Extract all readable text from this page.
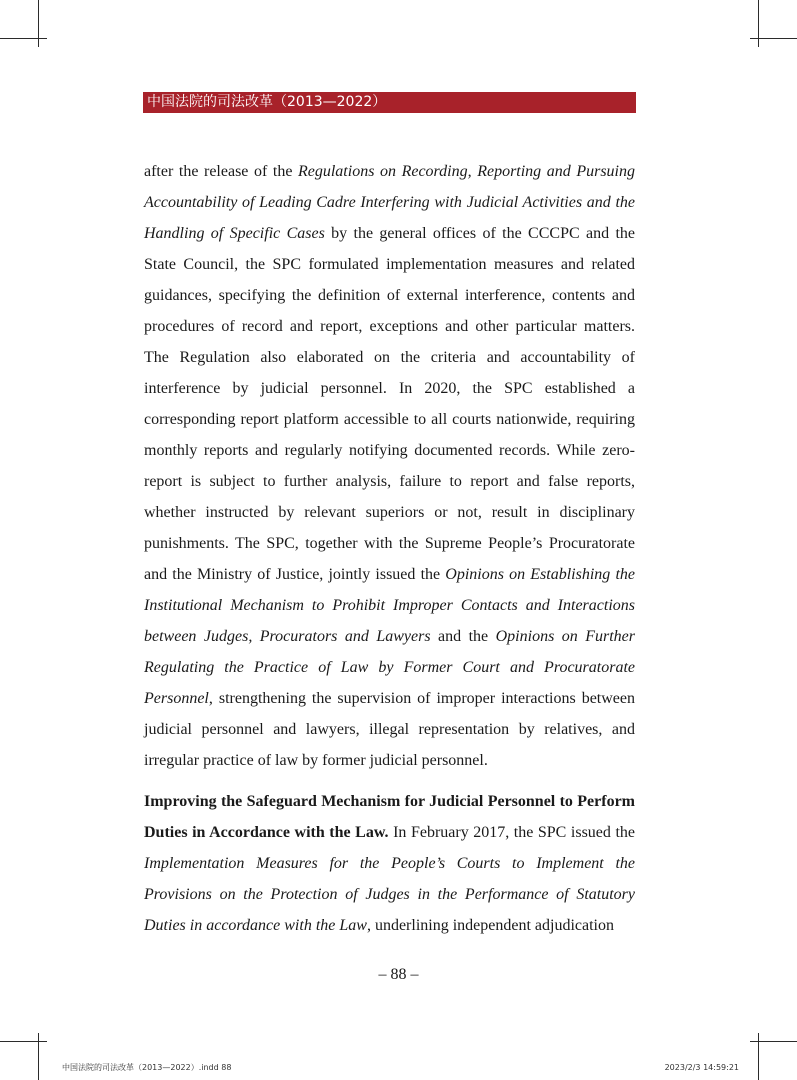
中国法院的司法改革（2013—2022）

after the release of the Regulations on Recording, Reporting and Pursuing Accountability of Leading Cadre Interfering with Judicial Activities and the Handling of Specific Cases by the general offices of the CCCPC and the State Council, the SPC formulated implementation measures and related guidances, specifying the definition of external interference, contents and procedures of record and report, exceptions and other particular matters. The Regulation also elaborated on the criteria and accountability of interference by judicial personnel. In 2020, the SPC established a corresponding report platform accessible to all courts nationwide, requiring monthly reports and regularly notifying documented records. While zero-report is subject to further analysis, failure to report and false reports, whether instructed by relevant superiors or not, result in disciplinary punishments. The SPC, together with the Supreme People’s Procuratorate and the Ministry of Justice, jointly issued the Opinions on Establishing the Institutional Mechanism to Prohibit Improper Contacts and Interactions between Judges, Procurators and Lawyers and the Opinions on Further Regulating the Practice of Law by Former Court and Procuratorate Personnel, strengthening the supervision of improper interactions between judicial personnel and lawyers, illegal representation by relatives, and irregular practice of law by former judicial personnel.

Improving the Safeguard Mechanism for Judicial Personnel to Perform Duties in Accordance with the Law. In February 2017, the SPC issued the Implementation Measures for the People’s Courts to Implement the Provisions on the Protection of Judges in the Performance of Statutory Duties in accordance with the Law, underlining independent adjudication

– 88 –
中国法院的司法改革（2013—2022）.indd 88	2023/2/3 14:59:21
